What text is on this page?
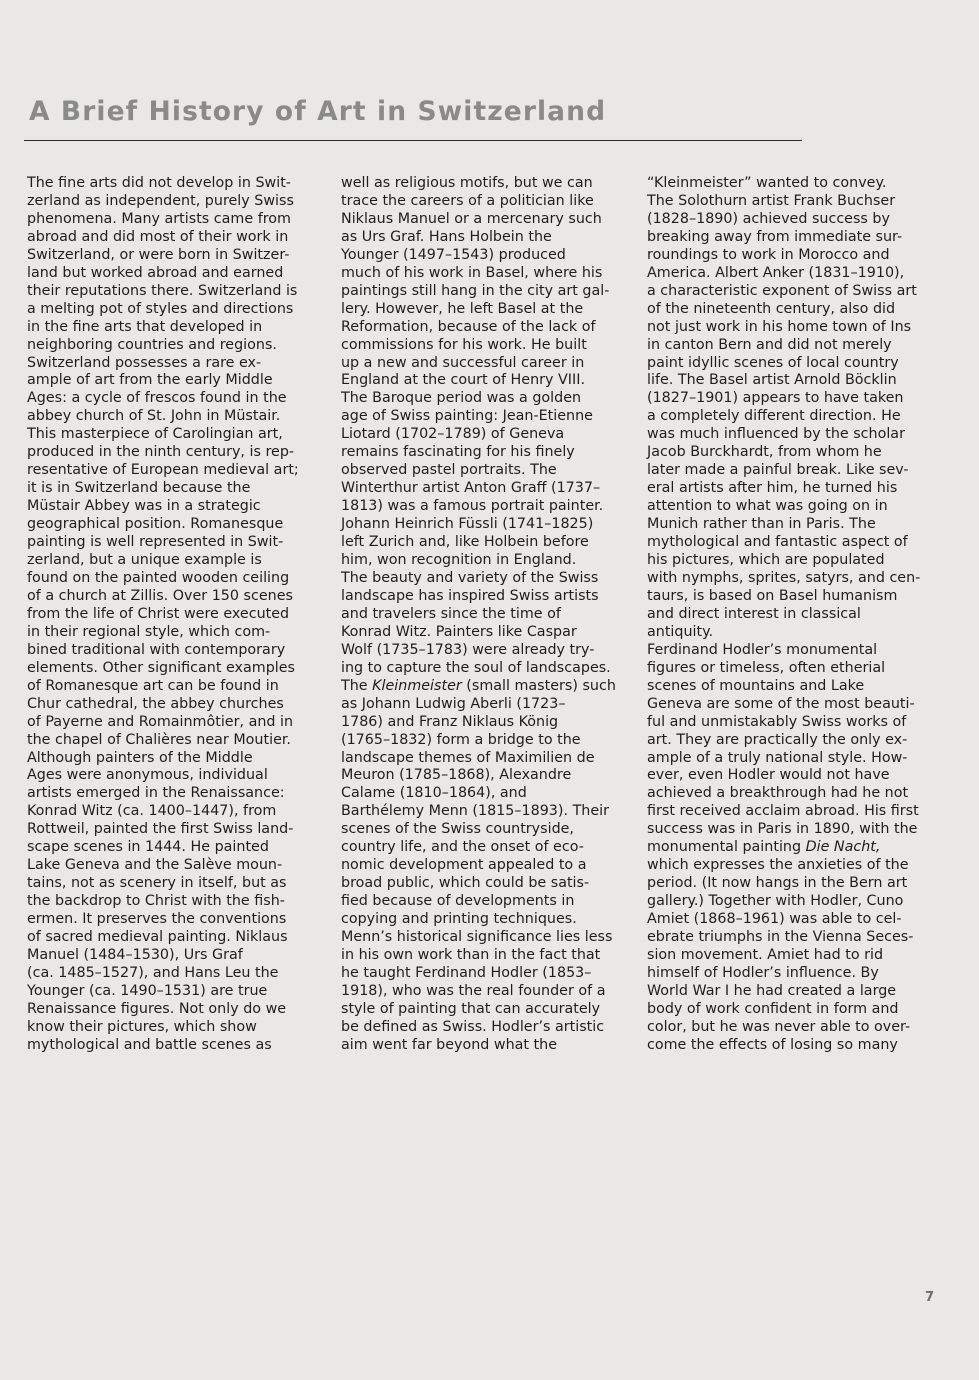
A Brief History of Art in Switzerland
The fine arts did not develop in Swit-
zerland as independent, purely Swiss
phenomena. Many artists came from
abroad and did most of their work in
Switzerland, or were born in Switzer-
land but worked abroad and earned
their reputations there. Switzerland is
a melting pot of styles and directions
in the fine arts that developed in
neighboring countries and regions.
Switzerland possesses a rare ex-
ample of art from the early Middle
Ages: a cycle of frescos found in the
abbey church of St. John in Müstair.
This masterpiece of Carolingian art,
produced in the ninth century, is rep-
resentative of European medieval art;
it is in Switzerland because the
Müstair Abbey was in a strategic
geographical position. Romanesque
painting is well represented in Swit-
zerland, but a unique example is
found on the painted wooden ceiling
of a church at Zillis. Over 150 scenes
from the life of Christ were executed
in their regional style, which com-
bined traditional with contemporary
elements. Other significant examples
of Romanesque art can be found in
Chur cathedral, the abbey churches
of Payerne and Romainmôtier, and in
the chapel of Chalières near Moutier.
Although painters of the Middle
Ages were anonymous, individual
artists emerged in the Renaissance:
Konrad Witz (ca. 1400–1447), from
Rottweil, painted the first Swiss land-
scape scenes in 1444. He painted
Lake Geneva and the Salève moun-
tains, not as scenery in itself, but as
the backdrop to Christ with the fish-
ermen. It preserves the conventions
of sacred medieval painting. Niklaus
Manuel (1484–1530), Urs Graf
(ca. 1485–1527), and Hans Leu the
Younger (ca. 1490–1531) are true
Renaissance figures. Not only do we
know their pictures, which show
mythological and battle scenes as
well as religious motifs, but we can
trace the careers of a politician like
Niklaus Manuel or a mercenary such
as Urs Graf. Hans Holbein the
Younger (1497–1543) produced
much of his work in Basel, where his
paintings still hang in the city art gal-
lery. However, he left Basel at the
Reformation, because of the lack of
commissions for his work. He built
up a new and successful career in
England at the court of Henry VIII.
The Baroque period was a golden
age of Swiss painting: Jean-Etienne
Liotard (1702–1789) of Geneva
remains fascinating for his finely
observed pastel portraits. The
Winterthur artist Anton Graff (1737–
1813) was a famous portrait painter.
Johann Heinrich Füssli (1741–1825)
left Zurich and, like Holbein before
him, won recognition in England.
The beauty and variety of the Swiss
landscape has inspired Swiss artists
and travelers since the time of
Konrad Witz. Painters like Caspar
Wolf (1735–1783) were already try-
ing to capture the soul of landscapes.
The Kleinmeister (small masters) such
as Johann Ludwig Aberli (1723–
1786) and Franz Niklaus König
(1765–1832) form a bridge to the
landscape themes of Maximilien de
Meuron (1785–1868), Alexandre
Calame (1810–1864), and
Barthélemy Menn (1815–1893). Their
scenes of the Swiss countryside,
country life, and the onset of eco-
nomic development appealed to a
broad public, which could be satis-
fied because of developments in
copying and printing techniques.
Menn’s historical significance lies less
in his own work than in the fact that
he taught Ferdinand Hodler (1853–
1918), who was the real founder of a
style of painting that can accurately
be defined as Swiss. Hodler’s artistic
aim went far beyond what the
“Kleinmeister” wanted to convey.
The Solothurn artist Frank Buchser
(1828–1890) achieved success by
breaking away from immediate sur-
roundings to work in Morocco and
America. Albert Anker (1831–1910),
a characteristic exponent of Swiss art
of the nineteenth century, also did
not just work in his home town of Ins
in canton Bern and did not merely
paint idyllic scenes of local country
life. The Basel artist Arnold Böcklin
(1827–1901) appears to have taken
a completely different direction. He
was much influenced by the scholar
Jacob Burckhardt, from whom he
later made a painful break. Like sev-
eral artists after him, he turned his
attention to what was going on in
Munich rather than in Paris. The
mythological and fantastic aspect of
his pictures, which are populated
with nymphs, sprites, satyrs, and cen-
taurs, is based on Basel humanism
and direct interest in classical
antiquity.
Ferdinand Hodler’s monumental
figures or timeless, often etherial
scenes of mountains and Lake
Geneva are some of the most beauti-
ful and unmistakably Swiss works of
art. They are practically the only ex-
ample of a truly national style. How-
ever, even Hodler would not have
achieved a breakthrough had he not
first received acclaim abroad. His first
success was in Paris in 1890, with the
monumental painting Die Nacht,
which expresses the anxieties of the
period. (It now hangs in the Bern art
gallery.) Together with Hodler, Cuno
Amiet (1868–1961) was able to cel-
ebrate triumphs in the Vienna Seces-
sion movement. Amiet had to rid
himself of Hodler’s influence. By
World War I he had created a large
body of work confident in form and
color, but he was never able to over-
come the effects of losing so many
7
